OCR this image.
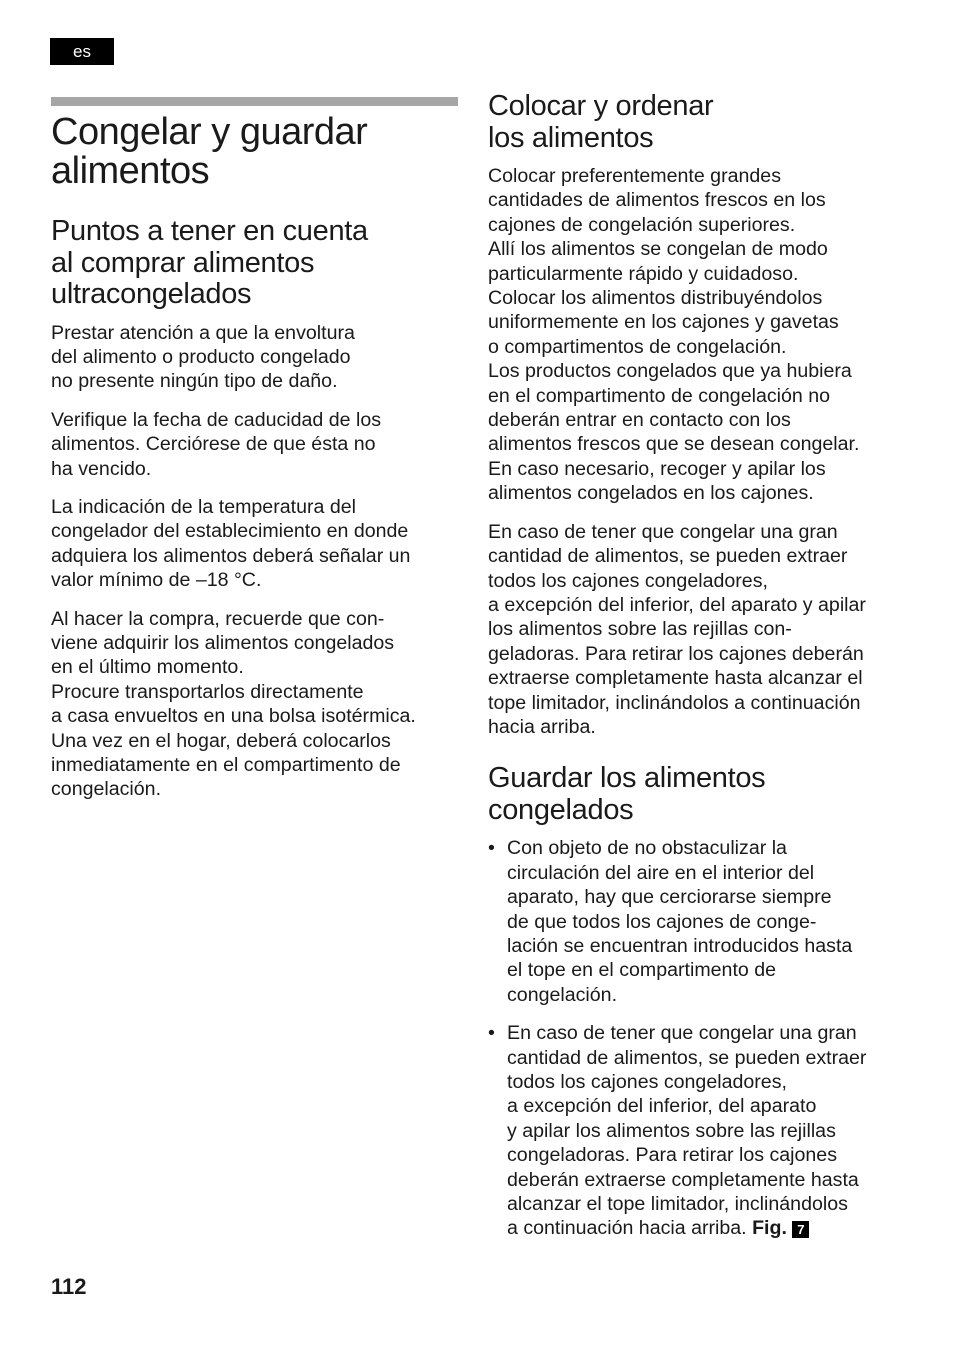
es
Congelar y guardar
alimentos
Puntos a tener en cuenta
al comprar alimentos
ultracongelados

Prestar atención a que la envoltura
del alimento o producto congelado
no presente ningún tipo de daño.

Verifique la fecha de caducidad de los
alimentos. Cerciórese de que ésta no
ha vencido.

La indicación de la temperatura del
congelador del establecimiento en donde
adquiera los alimentos deberá señalar un
valor mínimo de –18 °C.

Al hacer la compra, recuerde que con-
viene adquirir los alimentos congelados
en el último momento.
Procure transportarlos directamente
a casa envueltos en una bolsa isotérmica.
Una vez en el hogar, deberá colocarlos
inmediatamente en el compartimento de
congelación.

Colocar y ordenar
los alimentos

Colocar preferentemente grandes
cantidades de alimentos frescos en los
cajones de congelación superiores.
Allí los alimentos se congelan de modo
particularmente rápido y cuidadoso.
Colocar los alimentos distribuyéndolos
uniformemente en los cajones y gavetas
o compartimentos de congelación.
Los productos congelados que ya hubiera
en el compartimento de congelación no
deberán entrar en contacto con los
alimentos frescos que se desean congelar.
En caso necesario, recoger y apilar los
alimentos congelados en los cajones.

En caso de tener que congelar una gran
cantidad de alimentos, se pueden extraer
todos los cajones congeladores,
a excepción del inferior, del aparato y apilar
los alimentos sobre las rejillas con-
geladoras. Para retirar los cajones deberán
extraerse completamente hasta alcanzar el
tope limitador, inclinándolos a continuación
hacia arriba.

Guardar los alimentos
congelados
• Con objeto de no obstaculizar la
circulación del aire en el interior del
aparato, hay que cerciorarse siempre
de que todos los cajones de conge-
lación se encuentran introducidos hasta
el tope en el compartimento de
congelación.
• En caso de tener que congelar una gran
cantidad de alimentos, se pueden extraer
todos los cajones congeladores,
a excepción del inferior, del aparato
y apilar los alimentos sobre las rejillas
congeladoras. Para retirar los cajones
deberán extraerse completamente hasta
alcanzar el tope limitador, inclinándolos
a continuación hacia arriba. Fig. 7
112
